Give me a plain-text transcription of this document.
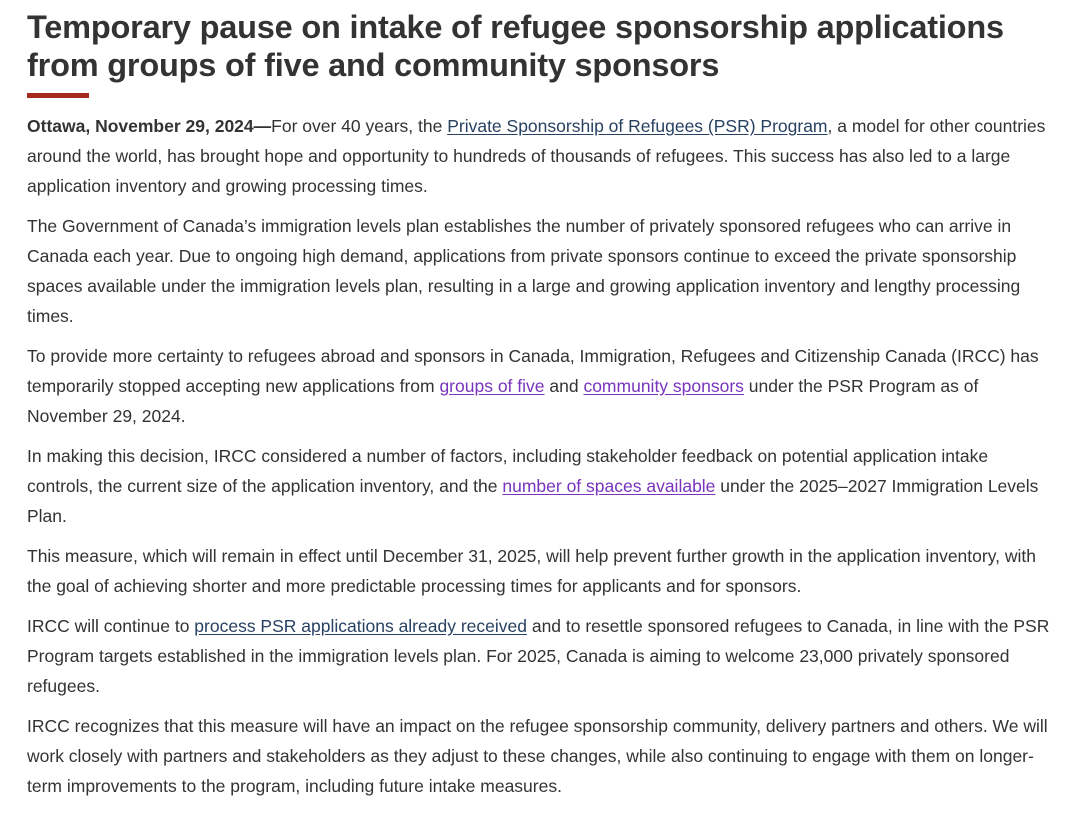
Temporary pause on intake of refugee sponsorship applications from groups of five and community sponsors

Ottawa, November 29, 2024—For over 40 years, the Private Sponsorship of Refugees (PSR) Program, a model for other countries around the world, has brought hope and opportunity to hundreds of thousands of refugees. This success has also led to a large application inventory and growing processing times.

The Government of Canada’s immigration levels plan establishes the number of privately sponsored refugees who can arrive in Canada each year. Due to ongoing high demand, applications from private sponsors continue to exceed the private sponsorship spaces available under the immigration levels plan, resulting in a large and growing application inventory and lengthy processing times.

To provide more certainty to refugees abroad and sponsors in Canada, Immigration, Refugees and Citizenship Canada (IRCC) has temporarily stopped accepting new applications from groups of five and community sponsors under the PSR Program as of November 29, 2024.

In making this decision, IRCC considered a number of factors, including stakeholder feedback on potential application intake controls, the current size of the application inventory, and the number of spaces available under the 2025–2027 Immigration Levels Plan.

This measure, which will remain in effect until December 31, 2025, will help prevent further growth in the application inventory, with the goal of achieving shorter and more predictable processing times for applicants and for sponsors.

IRCC will continue to process PSR applications already received and to resettle sponsored refugees to Canada, in line with the PSR Program targets established in the immigration levels plan. For 2025, Canada is aiming to welcome 23,000 privately sponsored refugees.

IRCC recognizes that this measure will have an impact on the refugee sponsorship community, delivery partners and others. We will work closely with partners and stakeholders as they adjust to these changes, while also continuing to engage with them on longer-term improvements to the program, including future intake measures.
